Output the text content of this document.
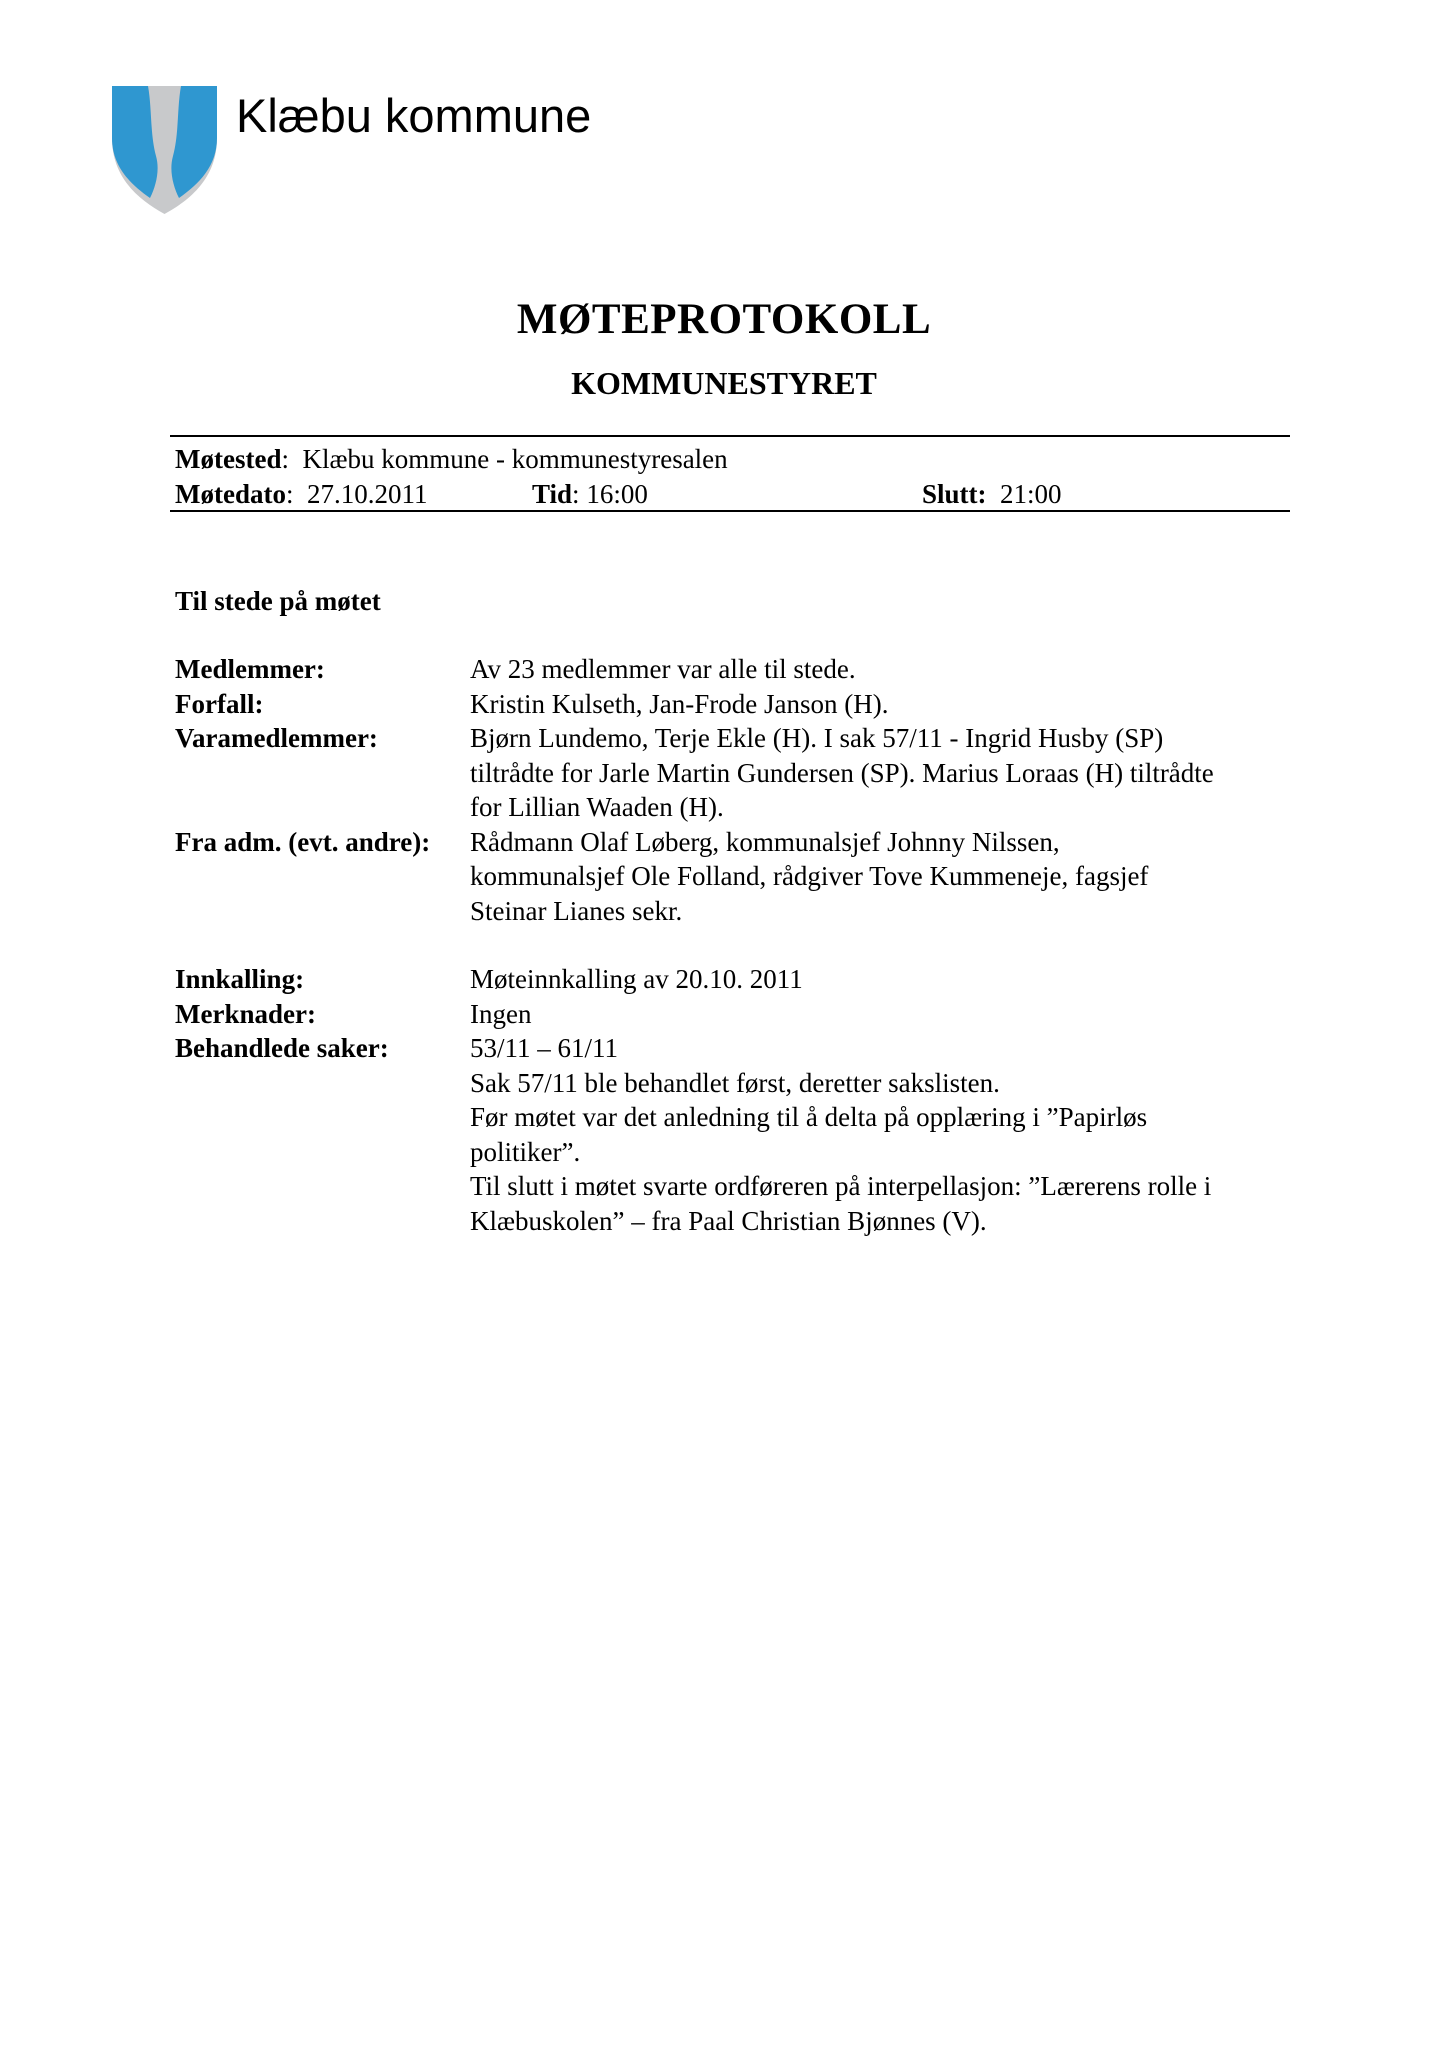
Klæbu kommune
MØTEPROTOKOLL
KOMMUNESTYRET
Møtested: Klæbu kommune - kommunestyresalen
Møtedato: 27.10.2011	Tid: 16:00	Slutt: 21:00
Til stede på møtet
Medlemmer:	Av 23 medlemmer var alle til stede.
Forfall:	Kristin Kulseth, Jan-Frode Janson (H).
Varamedlemmer:	Bjørn Lundemo, Terje Ekle (H). I sak 57/11 - Ingrid Husby (SP)
tiltrådte for Jarle Martin Gundersen (SP). Marius Loraas (H) tiltrådte
for Lillian Waaden (H).
Fra adm. (evt. andre):	Rådmann Olaf Løberg, kommunalsjef Johnny Nilssen,
kommunalsjef Ole Folland, rådgiver Tove Kummeneje, fagsjef
Steinar Lianes sekr.
Innkalling:	Møteinnkalling av 20.10. 2011
Merknader:	Ingen
Behandlede saker:	53/11 – 61/11
Sak 57/11 ble behandlet først, deretter sakslisten.
Før møtet var det anledning til å delta på opplæring i ”Papirløs
politiker”.
Til slutt i møtet svarte ordføreren på interpellasjon: ”Lærerens rolle i
Klæbuskolen” – fra Paal Christian Bjønnes (V).
